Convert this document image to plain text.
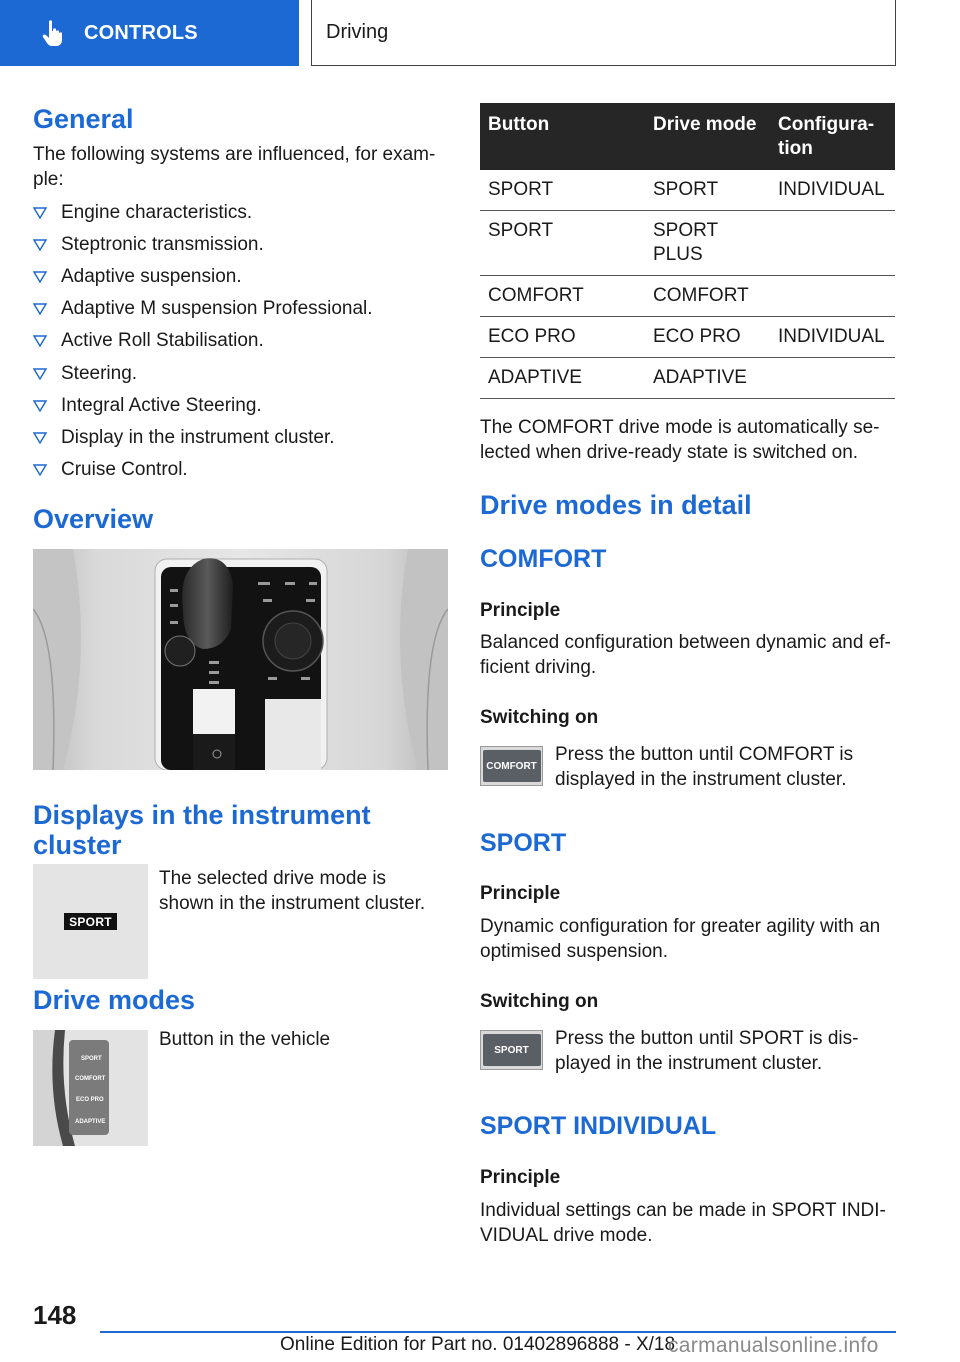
CONTROLS	Driving
General
The following systems are influenced, for exam‐
ple:
Engine characteristics.
Steptronic transmission.
Adaptive suspension.
Adaptive M suspension Professional.
Active Roll Stabilisation.
Steering.
Integral Active Steering.
Display in the instrument cluster.
Cruise Control.
Overview
Displays in the instrument
cluster
SPORT
The selected drive mode is
shown in the instrument cluster.
Drive modes
SPORT
COMFORT
ECO PRO
ADAPTIVE
Button in the vehicle
Button	Drive mode	Configura‐
tion
SPORT	SPORT	INDIVIDUAL
SPORT	SPORT
PLUS	
COMFORT	COMFORT	
ECO PRO	ECO PRO	INDIVIDUAL
ADAPTIVE	ADAPTIVE	
The COMFORT drive mode is automatically se‐
lected when drive-ready state is switched on.
Drive modes in detail
COMFORT
Principle
Balanced configuration between dynamic and ef‐
ficient driving.
Switching on
COMFORT
Press the button until COMFORT is
displayed in the instrument cluster.
SPORT
Principle
Dynamic configuration for greater agility with an
optimised suspension.
Switching on
SPORT
Press the button until SPORT is dis‐
played in the instrument cluster.
SPORT INDIVIDUAL
Principle
Individual settings can be made in SPORT INDI‐
VIDUAL drive mode.
148
Online Edition for Part no. 01402896888 - X/18
carmanualsonline.info
